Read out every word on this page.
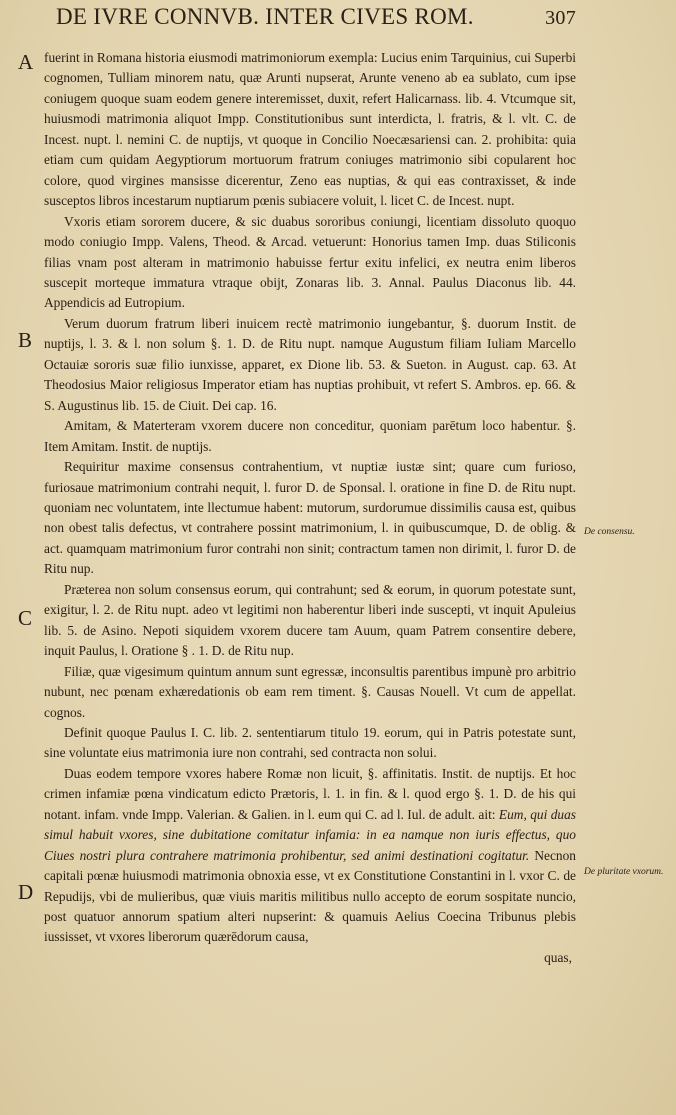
DE IVRE CONNVB. INTER CIVES ROM.	307
A
B
C
D
De consensu.
De pluritate vxorum.

fuerint in Romana historia eiusmodi matrimoniorum exempla: Lucius enim Tarquinius, cui Superbi cognomen, Tulliam minorem natu, quæ Arunti nupserat, Arunte veneno ab ea sublato, cum ipse coniugem quoque suam eodem genere interemisset, duxit, refert Halicarnass. lib. 4. Vtcumque sit, huiusmodi matrimonia aliquot Impp. Constitutionibus sunt interdicta, l. fratris, & l. vlt. C. de Incest. nupt. l. nemini C. de nuptijs, vt quoque in Concilio Noecæsariensi can. 2. prohibita: quia etiam cum quidam Aegyptiorum mortuorum fratrum coniuges matrimonio sibi copularent hoc colore, quod virgines mansisse dicerentur, Zeno eas nuptias, & qui eas contraxisset, & inde susceptos libros incestarum nuptiarum pœnis subiacere voluit, l. licet C. de Incest. nupt.

Vxoris etiam sororem ducere, & sic duabus sororibus coniungi, licentiam dissoluto quoquo modo coniugio Impp. Valens, Theod. & Arcad. vetuerunt: Honorius tamen Imp. duas Stiliconis filias vnam post alteram in matrimonio habuisse fertur exitu infelici, ex neutra enim liberos suscepit morteque immatura vtraque obijt, Zonaras lib. 3. Annal. Paulus Diaconus lib. 44. Appendicis ad Eutropium.

Verum duorum fratrum liberi inuicem rectè matrimonio iungebantur, §. duorum Instit. de nuptijs, l. 3. & l. non solum §. 1. D. de Ritu nupt. namque Augustum filiam Iuliam Marcello Octauiæ sororis suæ filio iunxisse, apparet, ex Dione lib. 53. & Sueton. in August. cap. 63. At Theodosius Maior religiosus Imperator etiam has nuptias prohibuit, vt refert S. Ambros. ep. 66. & S. Augustinus lib. 15. de Ciuit. Dei cap. 16.

Amitam, & Materteram vxorem ducere non conceditur, quoniam parētum loco habentur. §. Item Amitam. Instit. de nuptijs.

Requiritur maxime consensus contrahentium, vt nuptiæ iustæ sint; quare cum furioso, furiosaue matrimonium contrahi nequit, l. furor D. de Sponsal. l. oratione in fine D. de Ritu nupt. quoniam nec voluntatem, inte llectumue habent: mutorum, surdorumue dissimilis causa est, quibus non obest talis defectus, vt contrahere possint matrimonium, l. in quibuscumque, D. de oblig. & act. quamquam matrimonium furor contrahi non sinit; contractum tamen non dirimit, l. furor D. de Ritu nup.

Præterea non solum consensus eorum, qui contrahunt; sed & eorum, in quorum potestate sunt, exigitur, l. 2. de Ritu nupt. adeo vt legitimi non haberentur liberi inde suscepti, vt inquit Apuleius lib. 5. de Asino. Nepoti siquidem vxorem ducere tam Auum, quam Patrem consentire debere, inquit Paulus, l. Oratione § . 1. D. de Ritu nup.

Filiæ, quæ vigesimum quintum annum sunt egressæ, inconsultis parentibus impunè pro arbitrio nubunt, nec pœnam exhæredationis ob eam rem timent. §. Causas Nouell. Vt cum de appellat. cognos.

Definit quoque Paulus I. C. lib. 2. sententiarum titulo 19. eorum, qui in Patris potestate sunt, sine voluntate eius matrimonia iure non contrahi, sed contracta non solui.

Duas eodem tempore vxores habere Romæ non licuit, §. affinitatis. Instit. de nuptijs. Et hoc crimen infamiæ pœna vindicatum edicto Prætoris, l. 1. in fin. & l. quod ergo §. 1. D. de his qui notant. infam. vnde Impp. Valerian. & Galien. in l. eum qui C. ad l. Iul. de adult. ait: Eum, qui duas simul habuit vxores, sine dubitatione comitatur infamia: in ea namque non iuris effectus, quo Ciues nostri plura contrahere matrimonia prohibentur, sed animi destinationi cogitatur. Necnon capitali pœnæ huiusmodi matrimonia obnoxia esse, vt ex Constitutione Constantini in l. vxor C. de Repudijs, vbi de mulieribus, quæ viuis maritis militibus nullo accepto de eorum sospitate nuncio, post quatuor annorum spatium alteri nupserint: & quamuis Aelius Coecina Tribunus plebis iussisset, vt vxores liberorum quærēdorum causa,

quas,
